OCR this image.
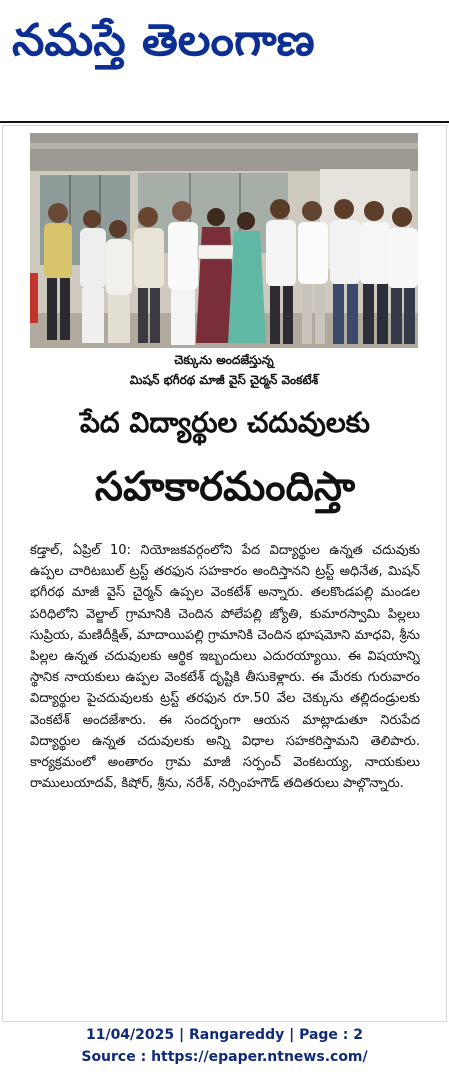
నమస్తే తెలంగాణ
చెక్కును అందజేస్తున్న
మిషన్ భగీరథ మాజీ వైస్ చైర్మన్ వెంకటేశ్
పేద విద్యార్థుల చదువులకు
సహకారమందిస్తా
కడ్తాల్, ఏప్రిల్ 10: నియోజకవర్గంలోని పేద విద్యార్థుల ఉన్నత చదువుకు ఉప్పల చారిటబుల్ ట్రస్ట్ తరఫున సహకారం అందిస్తానని ట్రస్ట్ అధినేత, మిషన్ భగీరథ మాజీ వైస్ చైర్మన్ ఉప్పల వెంకటేశ్ అన్నారు. తలకొండపల్లి మండల పరిధిలోని వెల్జాల్ గ్రామానికి చెందిన పోలేపల్లి జ్యోతి, కుమారస్వామి పిల్లలు సుప్రియ, మణిదీక్షిత్, మాదాయిపల్లి గ్రామానికి చెందిన భూషమోని మాధవి, శ్రీను పిల్లల ఉన్నత చదువులకు ఆర్థిక ఇబ్బందులు ఎదురయ్యాయి. ఈ విషయాన్ని స్థానిక నాయకులు ఉప్పల వెంకటేశ్ దృష్టికి తీసుకెళ్లారు. ఈ మేరకు గురువారం విద్యార్థుల పైచదువులకు ట్రస్ట్ తరఫున రూ.50 వేల చెక్కును తల్లిదండ్రులకు వెంకటేశ్ అందజేశారు. ఈ సందర్భంగా ఆయన మాట్లాడుతూ నిరుపేద విద్యార్థుల ఉన్నత చదువులకు అన్ని విధాల సహకరిస్తామని తెలిపారు. కార్యక్రమంలో అంతారం గ్రామ మాజీ సర్పంచ్ వెంకటయ్య, నాయకులు రాములుయాదవ్, కిషోర్, శ్రీను, నరేశ్, నర్సింహగౌడ్ తదితరులు పాల్గొన్నారు.
11/04/2025 | Rangareddy | Page : 2
Source : https://epaper.ntnews.com/
